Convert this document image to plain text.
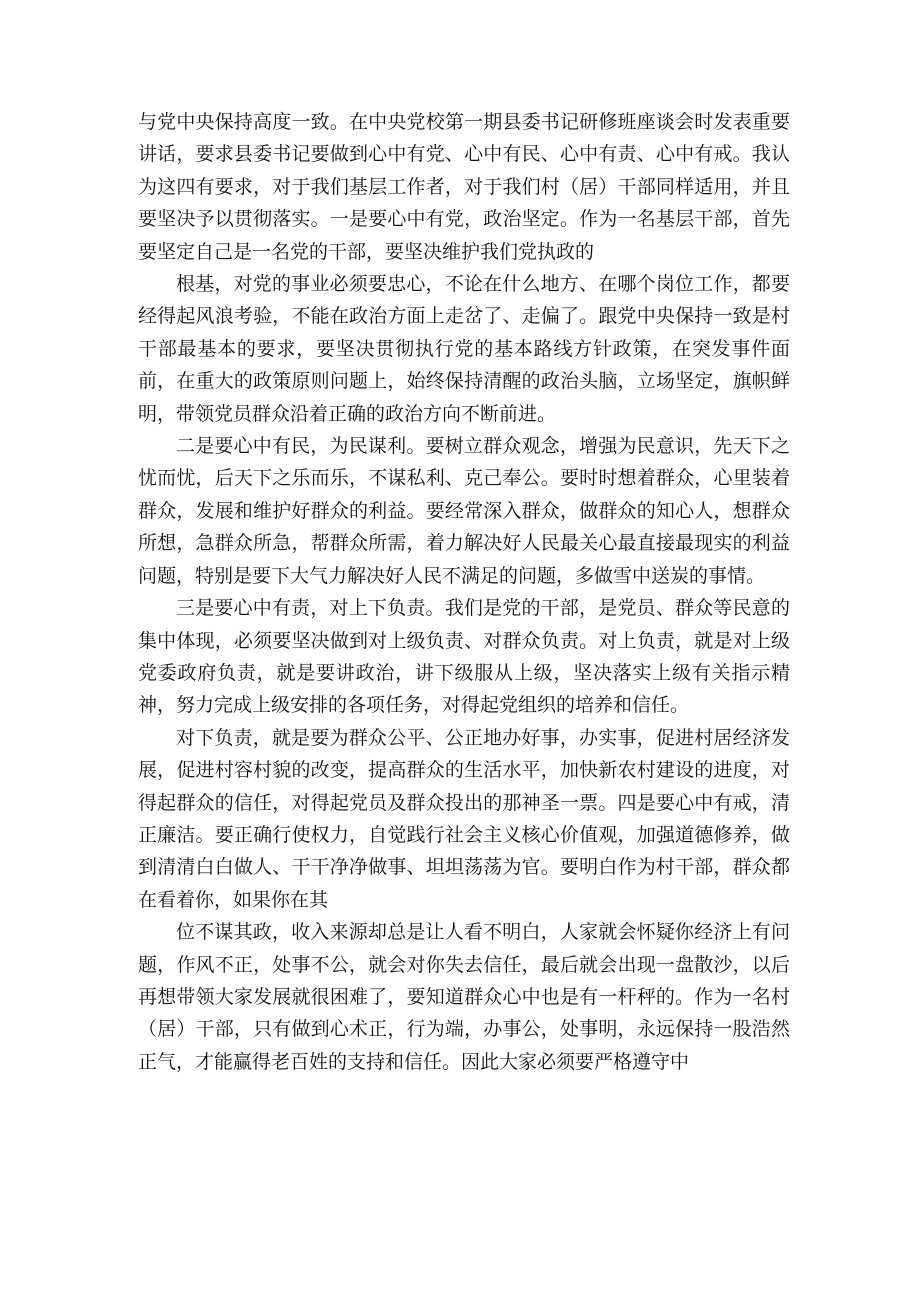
与党中央保持高度一致。在中央党校第一期县委书记研修班座谈会时发表重要讲话，要求县委书记要做到心中有党、心中有民、心中有责、心中有戒。我认为这四有要求，对于我们基层工作者，对于我们村（居）干部同样适用，并且要坚决予以贯彻落实。一是要心中有党，政治坚定。作为一名基层干部，首先要坚定自己是一名党的干部，要坚决维护我们党执政的

根基，对党的事业必须要忠心，不论在什么地方、在哪个岗位工作，都要经得起风浪考验，不能在政治方面上走岔了、走偏了。跟党中央保持一致是村干部最基本的要求，要坚决贯彻执行党的基本路线方针政策，在突发事件面前，在重大的政策原则问题上，始终保持清醒的政治头脑，立场坚定，旗帜鲜明，带领党员群众沿着正确的政治方向不断前进。

二是要心中有民，为民谋利。要树立群众观念，增强为民意识，先天下之忧而忧，后天下之乐而乐，不谋私利、克己奉公。要时时想着群众，心里装着群众，发展和维护好群众的利益。要经常深入群众，做群众的知心人，想群众所想，急群众所急，帮群众所需，着力解决好人民最关心最直接最现实的利益问题，特别是要下大气力解决好人民不满足的问题，多做雪中送炭的事情。

三是要心中有责，对上下负责。我们是党的干部，是党员、群众等民意的集中体现，必须要坚决做到对上级负责、对群众负责。对上负责，就是对上级党委政府负责，就是要讲政治，讲下级服从上级，坚决落实上级有关指示精神，努力完成上级安排的各项任务，对得起党组织的培养和信任。

对下负责，就是要为群众公平、公正地办好事，办实事，促进村居经济发展，促进村容村貌的改变，提高群众的生活水平，加快新农村建设的进度，对得起群众的信任，对得起党员及群众投出的那神圣一票。四是要心中有戒，清正廉洁。要正确行使权力，自觉践行社会主义核心价值观，加强道德修养，做到清清白白做人、干干净净做事、坦坦荡荡为官。要明白作为村干部，群众都在看着你，如果你在其

位不谋其政，收入来源却总是让人看不明白，人家就会怀疑你经济上有问题，作风不正，处事不公，就会对你失去信任，最后就会出现一盘散沙，以后再想带领大家发展就很困难了，要知道群众心中也是有一杆秤的。作为一名村（居）干部，只有做到心术正，行为端，办事公，处事明，永远保持一股浩然正气，才能赢得老百姓的支持和信任。因此大家必须要严格遵守中
